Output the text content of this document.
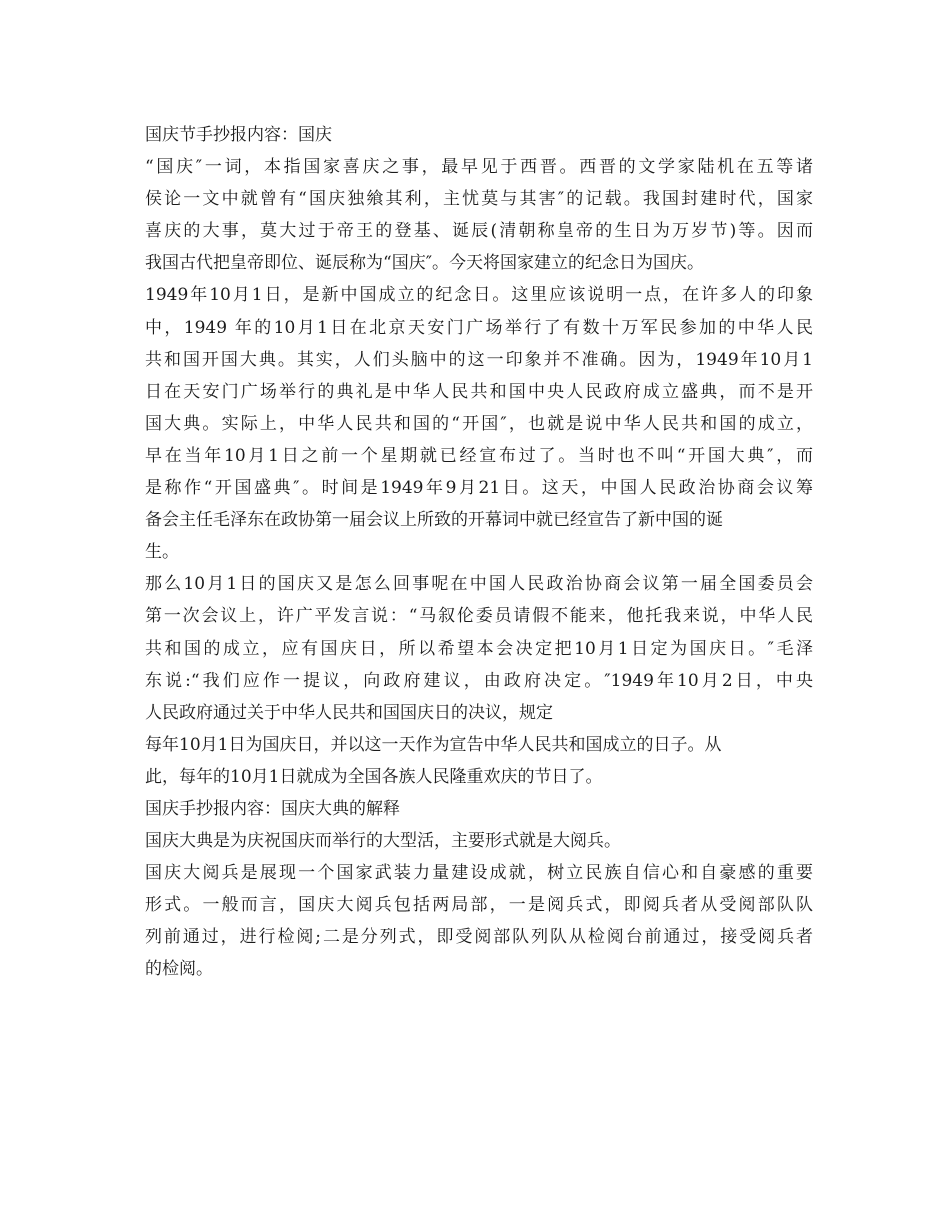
国庆节手抄报内容：国庆
“国庆″一词，本指国家喜庆之事，最早见于西晋。西晋的文学家陆机在五等诸
侯论一文中就曾有“国庆独飨其利，主忧莫与其害″的记载。我国封建时代，国家
喜庆的大事，莫大过于帝王的登基、诞辰(清朝称皇帝的生日为万岁节)等。因而
我国古代把皇帝即位、诞辰称为“国庆″。今天将国家建立的纪念日为国庆。
1949年10月1日，是新中国成立的纪念日。这里应该说明一点，在许多人的印象
中，1949 年的10月1日在北京天安门广场举行了有数十万军民参加的中华人民
共和国开国大典。其实，人们头脑中的这一印象并不准确。因为，1949年10月1
日在天安门广场举行的典礼是中华人民共和国中央人民政府成立盛典，而不是开
国大典。实际上，中华人民共和国的“开国″，也就是说中华人民共和国的成立，
早在当年10月1日之前一个星期就已经宣布过了。当时也不叫“开国大典″，而
是称作“开国盛典″。时间是1949年9月21日。这天，中国人民政治协商会议筹
备会主任毛泽东在政协第一届会议上所致的开幕词中就已经宣告了新中国的诞
生。
那么10月1日的国庆又是怎么回事呢在中国人民政治协商会议第一届全国委员会
第一次会议上，许广平发言说：“马叙伦委员请假不能来，他托我来说，中华人民
共和国的成立，应有国庆日，所以希望本会决定把10月1日定为国庆日。″毛泽
东说:“我们应作一提议，向政府建议，由政府决定。″1949年10月2日，中央
人民政府通过关于中华人民共和国国庆日的决议，规定
每年10月1日为国庆日，并以这一天作为宣告中华人民共和国成立的日子。从
此，每年的10月1日就成为全国各族人民隆重欢庆的节日了。
国庆手抄报内容：国庆大典的解释
国庆大典是为庆祝国庆而举行的大型活，主要形式就是大阅兵。
国庆大阅兵是展现一个国家武装力量建设成就，树立民族自信心和自豪感的重要
形式。一般而言，国庆大阅兵包括两局部，一是阅兵式，即阅兵者从受阅部队队
列前通过，进行检阅;二是分列式，即受阅部队列队从检阅台前通过，接受阅兵者
的检阅。
